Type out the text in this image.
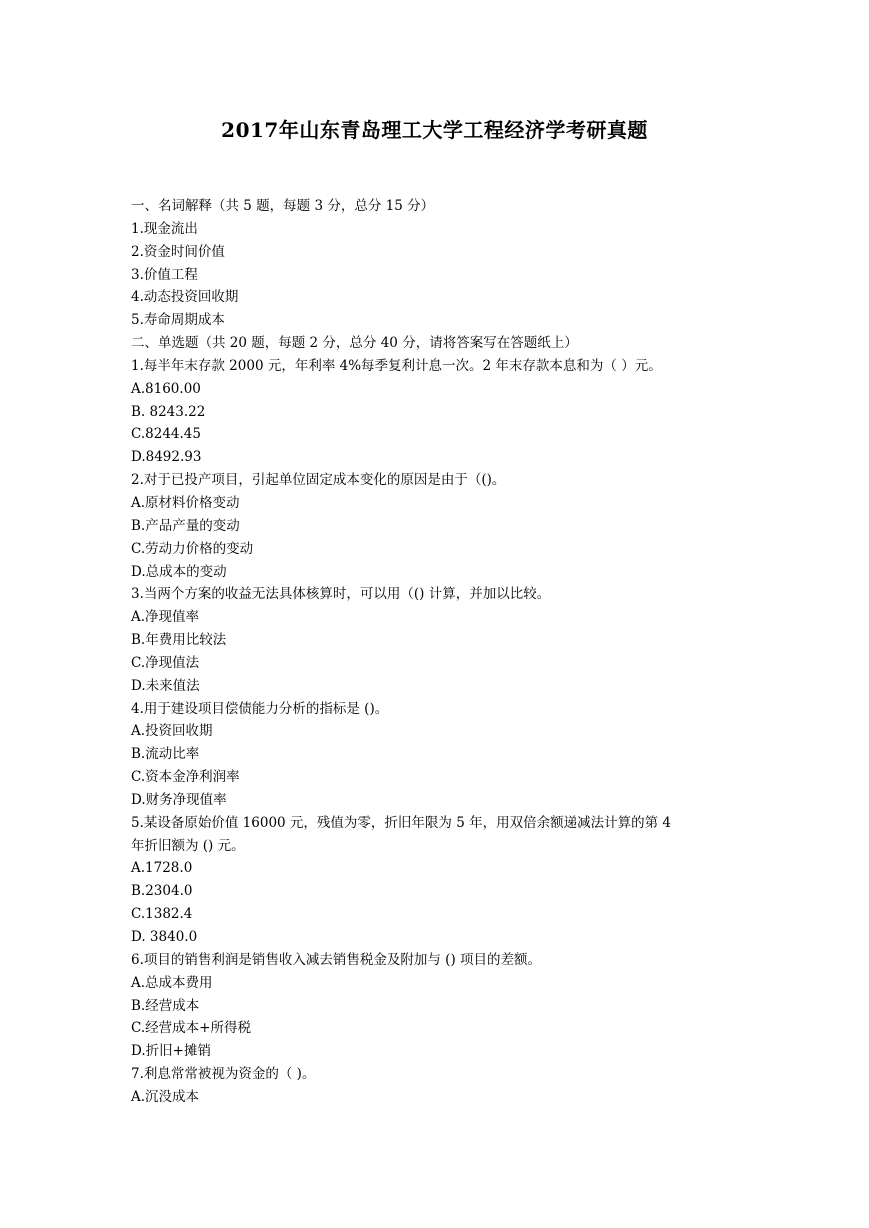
2017年山东青岛理工大学工程经济学考研真题
一、名词解释（共 5 题，每题 3 分，总分 15 分）
1.现金流出
2.资金时间价值
3.价值工程
4.动态投资回收期
5.寿命周期成本
二、单选题（共 20 题，每题 2 分，总分 40 分，请将答案写在答题纸上）
1.每半年末存款 2000 元，年利率 4%每季复利计息一次。2 年末存款本息和为（ ）元。
A.8160.00
B. 8243.22
C.8244.45
D.8492.93
2.对于已投产项目，引起单位固定成本变化的原因是由于（()。
A.原材料价格变动
B.产品产量的变动
C.劳动力价格的变动
D.总成本的变动
3.当两个方案的收益无法具体核算时，可以用（() 计算，并加以比较。
A.净现值率
B.年费用比较法
C.净现值法
D.未来值法
4.用于建设项目偿债能力分析的指标是 ()。
A.投资回收期
B.流动比率
C.资本金净利润率
D.财务净现值率
5.某设备原始价值 16000 元，残值为零，折旧年限为 5 年，用双倍余额递减法计算的第 4
年折旧额为 () 元。
A.1728.0
B.2304.0
C.1382.4
D. 3840.0
6.项目的销售利润是销售收入减去销售税金及附加与 () 项目的差额。
A.总成本费用
B.经营成本
C.经营成本+所得税
D.折旧+摊销
7.利息常常被视为资金的（ )。
A.沉没成本
